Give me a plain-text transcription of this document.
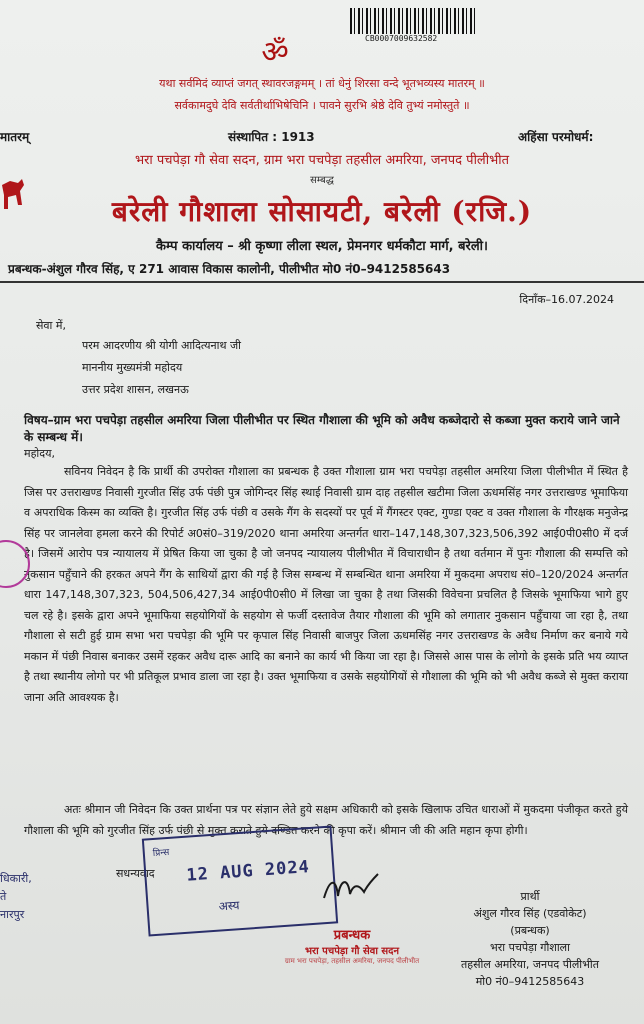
CB0007009632582
ॐ
यथा सर्वमिदं व्याप्तं जगत् स्थावरजङ्गमम् । तां धेनुं शिरसा वन्दे भूतभव्यस्य मातरम् ॥
सर्वकामदुघे देवि सर्वतीर्थाभिषेचिनि । पावने सुरभि श्रेष्ठे देवि तुभ्यं नमोस्तुते ॥
मातरम्	संस्थापित : 1913	अहिंसा परमोधर्म:
भरा पचपेड़ा गौ सेवा सदन, ग्राम भरा पचपेड़ा तहसील अमरिया, जनपद पीलीभीत
सम्बद्ध
बरेली गौशाला सोसायटी, बरेली (रजि.)
कैम्प कार्यालय – श्री कृष्णा लीला स्थल, प्रेमनगर धर्मकौटा मार्ग, बरेली।
प्रबन्धक-अंशुल गौरव सिंह, ए 271 आवास विकास कालोनी, पीलीभीत मो0 नं0–9412585643
दिनाँक–16.07.2024
सेवा में,
परम आदरणीय श्री योगी आदित्यनाथ जी
माननीय मुख्यमंत्री महोदय
उत्तर प्रदेश शासन, लखनऊ
विषय–ग्राम भरा पचपेड़ा तहसील अमरिया जिला पीलीभीत पर स्थित गौशाला की भूमि को अवैध कब्जेदारो से कब्जा मुक्त कराये जाने जाने के सम्बन्ध में।
महोदय,

सविनय निवेदन है कि प्रार्थी की उपरोक्त गौशाला का प्रबन्धक है उक्त गौशाला ग्राम भरा पचपेड़ा तहसील अमरिया जिला पीलीभीत में स्थित है जिस पर उत्तराखण्ड निवासी गुरजीत सिंह उर्फ पंछी पुत्र जोगिन्दर सिंह स्थाई निवासी ग्राम दाह तहसील खटीमा जिला ऊधमसिंह नगर उत्तराखण्ड भूमाफिया व अपराधिक किस्म का व्यक्ति है। गुरजीत सिंह उर्फ पंछी व उसके गैंग के सदस्यों पर पूर्व में गैंगस्टर एक्ट, गुण्डा एक्ट व उक्त गौशाला के गौरक्षक मनुजेन्द्र सिंह पर जानलेवा हमला करने की रिपोर्ट अ0सं0–319/2020 थाना अमरिया अन्तर्गत धारा–147,148,307,323,506,392 आई0पी0सी0 में दर्ज है। जिसमें आरोप पत्र न्यायालय में प्रेषित किया जा चुका है जो जनपद न्यायालय पीलीभीत में विचाराधीन है तथा वर्तमान में पुनः गौशाला की सम्पत्ति को नुकसान पहुँचाने की हरकत अपने गैंग के साथियों द्वारा की गई है जिस सम्बन्ध में सम्बन्धित थाना अमरिया में मुकदमा अपराध सं0–120/2024 अन्तर्गत धारा 147,148,307,323, 504,506,427,34 आई0पी0सी0 में लिखा जा चुका है तथा जिसकी विवेचना प्रचलित है जिसके भूमाफिया भागे हुए चल रहे है। इसके द्वारा अपने भूमाफिया सहयोगियों के सहयोग से फर्जी दस्तावेज तैयार गौशाला की भूमि को लगातार नुकसान पहुँचाया जा रहा है, तथा गौशाला से सटी हुई ग्राम सभा भरा पचपेड़ा की भूमि पर कृपाल सिंह निवासी बाजपुर जिला ऊधमसिंह नगर उत्तराखण्ड के अवैध निर्माण कर बनाये गये मकान में पंछी निवास बनाकर उसमें रहकर अवैध दारू आदि का बनाने का कार्य भी किया जा रहा है। जिससे आस पास के लोगो के इसके प्रति भय व्याप्त है तथा स्थानीय लोगो पर भी प्रतिकूल प्रभाव डाला जा रहा है। उक्त भूमाफिया व उसके सहयोगियों से गौशाला की भूमि को भी अवैध कब्जे से मुक्त कराया जाना अति आवश्यक है।

अतः श्रीमान जी निवेदन कि उक्त प्रार्थना पत्र पर संज्ञान लेते हुये सक्षम अधिकारी को इसके खिलाफ उचित धाराओं में मुकदमा पंजीकृत करते हुये गौशाला की भूमि को गुरजीत सिंह उर्फ पंछी से मुक्त कराते हुये दण्डित करने की कृपा करें। श्रीमान जी की अति महान कृपा होगी।
सधन्यवाद
प्रिन्स
12 AUG 2024
अस्य
प्रबन्धक
भरा पचपेड़ा गौ सेवा सदन
ग्राम भरा पचपेड़ा, तहसील अमरिया, जनपद पीलीभीत
प्रार्थी
अंशुल गौरव सिंह (एडवोकेट)
(प्रबन्धक)
भरा पचपेड़ा गौशाला
तहसील अमरिया, जनपद पीलीभीत
मो0 नं0–9412585643
धिकारी,
ते
नारपुर
